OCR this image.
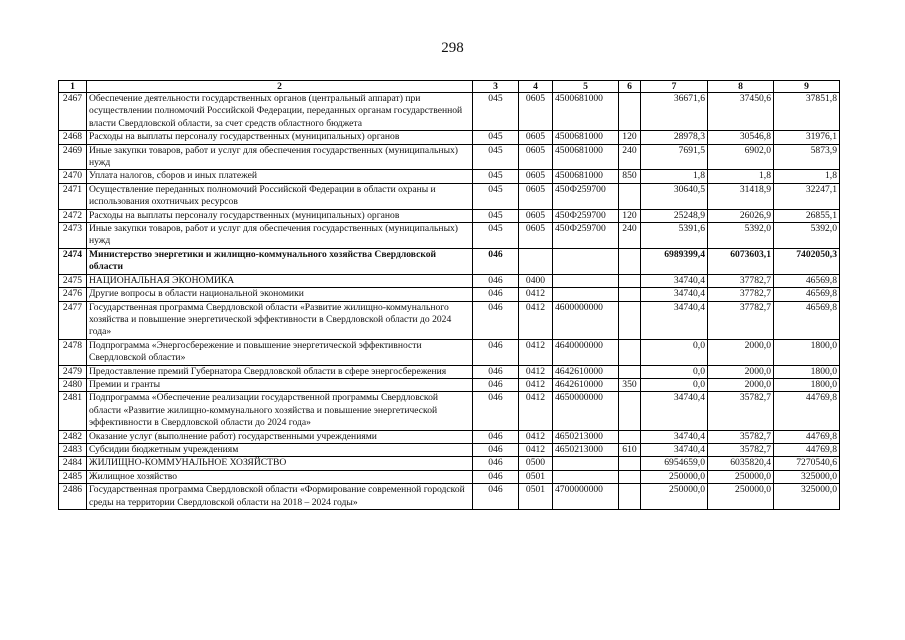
298
1	2	3	4	5	6	7	8	9
2467	Обеспечение деятельности государственных органов (центральный аппарат) при осуществлении полномочий Российской Федерации, переданных органам государственной власти Свердловской области, за счет средств областного бюджета	045	0605	4500681000		36671,6	37450,6	37851,8
2468	Расходы на выплаты персоналу государственных (муниципальных) органов	045	0605	4500681000	120	28978,3	30546,8	31976,1
2469	Иные закупки товаров, работ и услуг для обеспечения государственных (муниципальных) нужд	045	0605	4500681000	240	7691,5	6902,0	5873,9
2470	Уплата налогов, сборов и иных платежей	045	0605	4500681000	850	1,8	1,8	1,8
2471	Осуществление переданных полномочий Российской Федерации в области охраны и использования охотничьих ресурсов	045	0605	450Ф259700		30640,5	31418,9	32247,1
2472	Расходы на выплаты персоналу государственных (муниципальных) органов	045	0605	450Ф259700	120	25248,9	26026,9	26855,1
2473	Иные закупки товаров, работ и услуг для обеспечения государственных (муниципальных) нужд	045	0605	450Ф259700	240	5391,6	5392,0	5392,0
2474	Министерство энергетики и жилищно-коммунального хозяйства Свердловской области	046				6989399,4	6073603,1	7402050,3
2475	НАЦИОНАЛЬНАЯ ЭКОНОМИКА	046	0400			34740,4	37782,7	46569,8
2476	Другие вопросы в области национальной экономики	046	0412			34740,4	37782,7	46569,8
2477	Государственная программа Свердловской области «Развитие жилищно-коммунального хозяйства и повышение энергетической эффективности в Свердловской области до 2024 года»	046	0412	4600000000		34740,4	37782,7	46569,8
2478	Подпрограмма «Энергосбережение и повышение энергетической эффективности Свердловской области»	046	0412	4640000000		0,0	2000,0	1800,0
2479	Предоставление премий Губернатора Свердловской области в сфере энергосбережения	046	0412	4642610000		0,0	2000,0	1800,0
2480	Премии и гранты	046	0412	4642610000	350	0,0	2000,0	1800,0
2481	Подпрограмма «Обеспечение реализации государственной программы Свердловской области «Развитие жилищно-коммунального хозяйства и повышение энергетической эффективности в Свердловской области до 2024 года»	046	0412	4650000000		34740,4	35782,7	44769,8
2482	Оказание услуг (выполнение работ) государственными учреждениями	046	0412	4650213000		34740,4	35782,7	44769,8
2483	Субсидии бюджетным учреждениям	046	0412	4650213000	610	34740,4	35782,7	44769,8
2484	ЖИЛИЩНО-КОММУНАЛЬНОЕ ХОЗЯЙСТВО	046	0500			6954659,0	6035820,4	7270540,6
2485	Жилищное хозяйство	046	0501			250000,0	250000,0	325000,0
2486	Государственная программа Свердловской области «Формирование современной городской среды на территории Свердловской области на 2018 – 2024 годы»	046	0501	4700000000		250000,0	250000,0	325000,0
